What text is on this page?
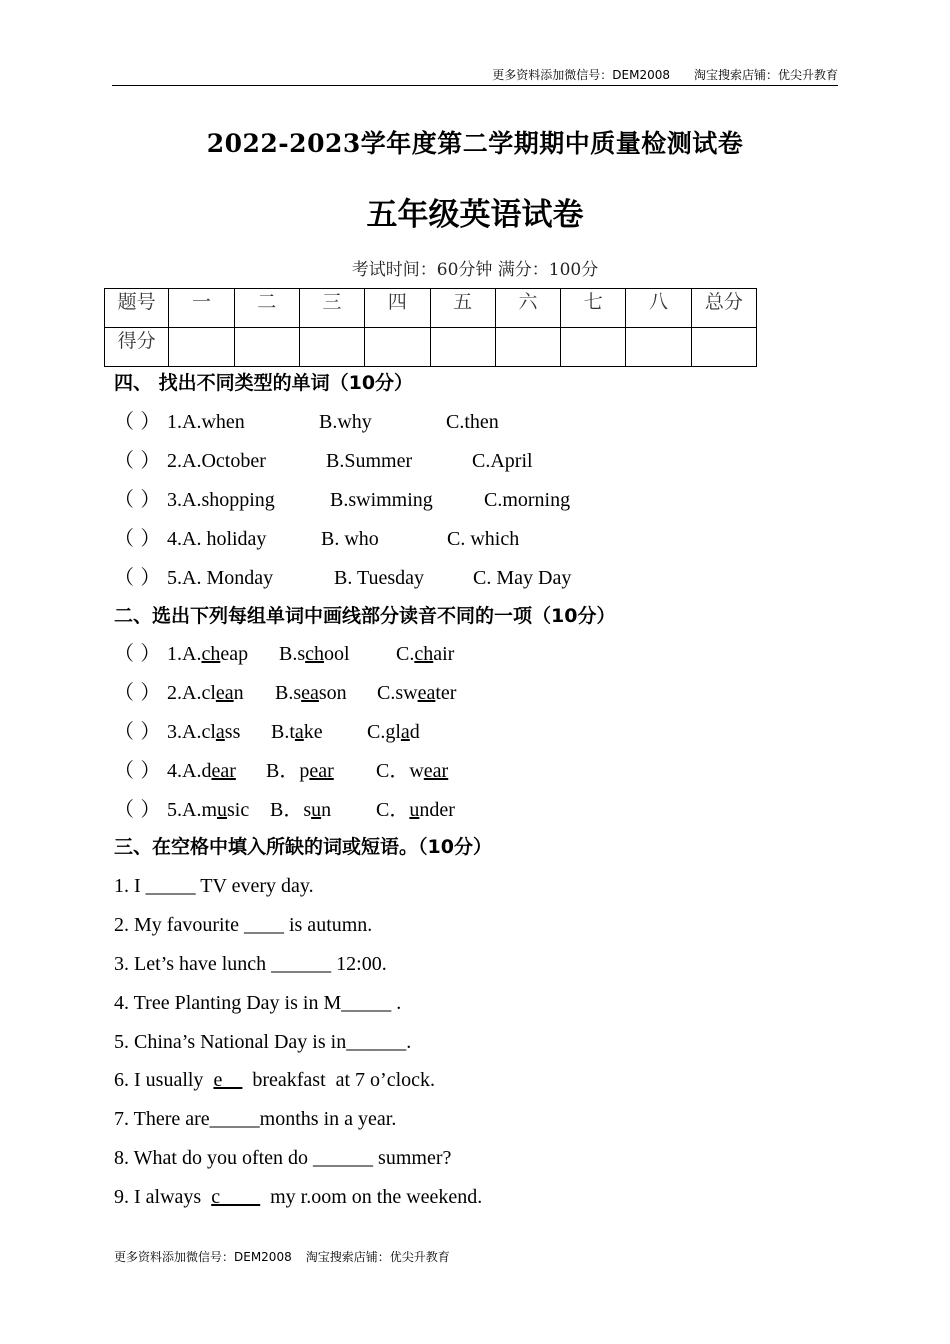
更多资料添加微信号：DEM2008 淘宝搜索店铺：优尖升教育
2022-2023学年度第二学期期中质量检测试卷
五年级英语试卷
考试时间：60分钟 满分：100分
题号	一	二	三	四	五	六	七	八	总分
得分									
四、 找出不同类型的单词（10分）
（ ） 1.A.when	B.why	C.then
（ ） 2.A.October	B.Summer	C.April
（ ） 3.A.shopping	B.swimming	C.morning
（ ） 4.A. holiday	B. who	C. which
（ ） 5.A. Monday	B. Tuesday C. May Day
二、选出下列每组单词中画线部分读音不同的一项（10分）
（ ） 1.A.cheap B.school C.chair
（ ） 2.A.clean B.season C.sweater
（ ） 3.A.class B.take C.glad
（ ） 4.A.dear B．pear C．wear
（ ） 5.A.music B．sun C．under
三、在空格中填入所缺的词或短语。（10分）
1. I _____ TV every day.
2. My favourite ____ is autumn.
3. Let’s have lunch ______ 12:00.
4. Tree Planting Day is in M_____ .
5. China’s National Day is in______.
6. I usually  e__  breakfast  at 7 o’clock.
7. There are_____months in a year.
8. What do you often do ______ summer?
9. I always  c____  my r.oom on the weekend.
更多资料添加微信号：DEM2008 淘宝搜索店铺：优尖升教育
